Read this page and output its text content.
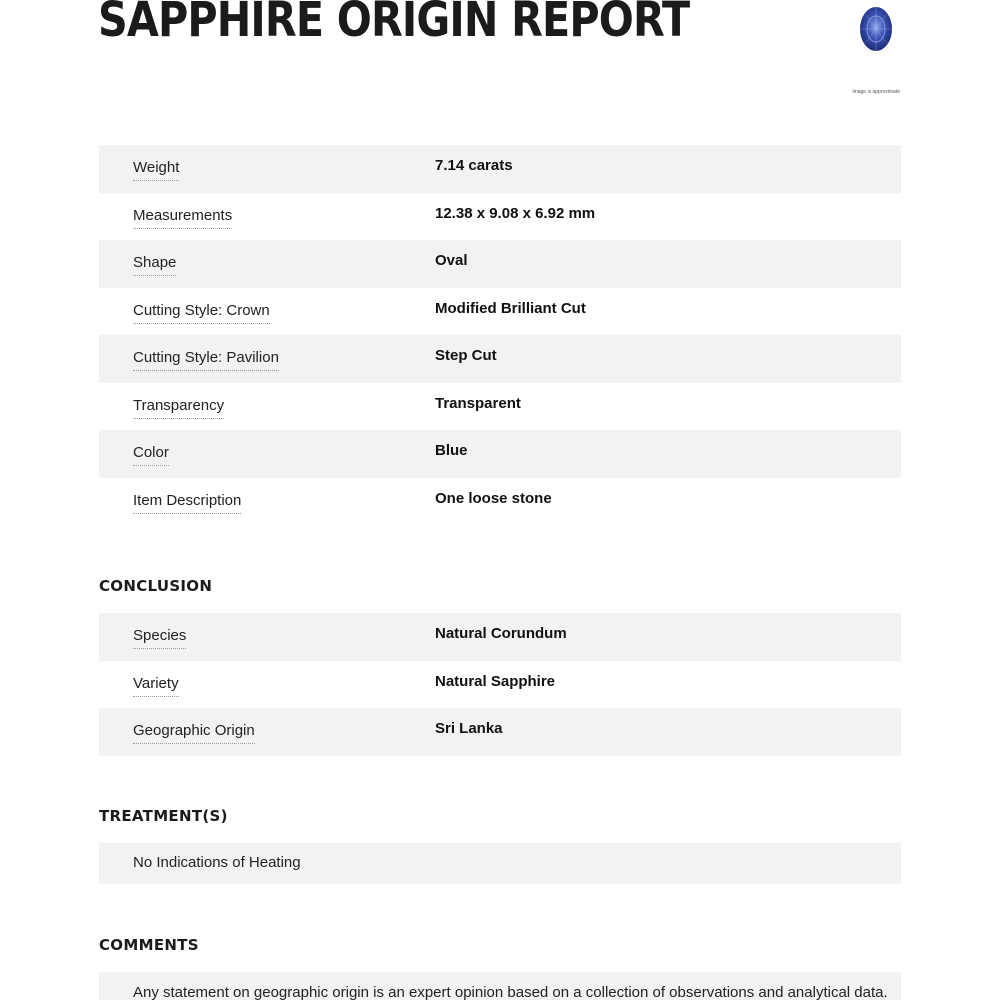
SAPPHIRE ORIGIN REPORT
Image is approximate
Weight	7.14 carats
Measurements	12.38 x 9.08 x 6.92 mm
Shape	Oval
Cutting Style: Crown	Modified Brilliant Cut
Cutting Style: Pavilion	Step Cut
Transparency	Transparent
Color	Blue
Item Description	One loose stone
CONCLUSION
Species	Natural Corundum
Variety	Natural Sapphire
Geographic Origin	Sri Lanka
TREATMENT(S)
No Indications of Heating
COMMENTS
Any statement on geographic origin is an expert opinion based on a collection of observations and analytical data.
